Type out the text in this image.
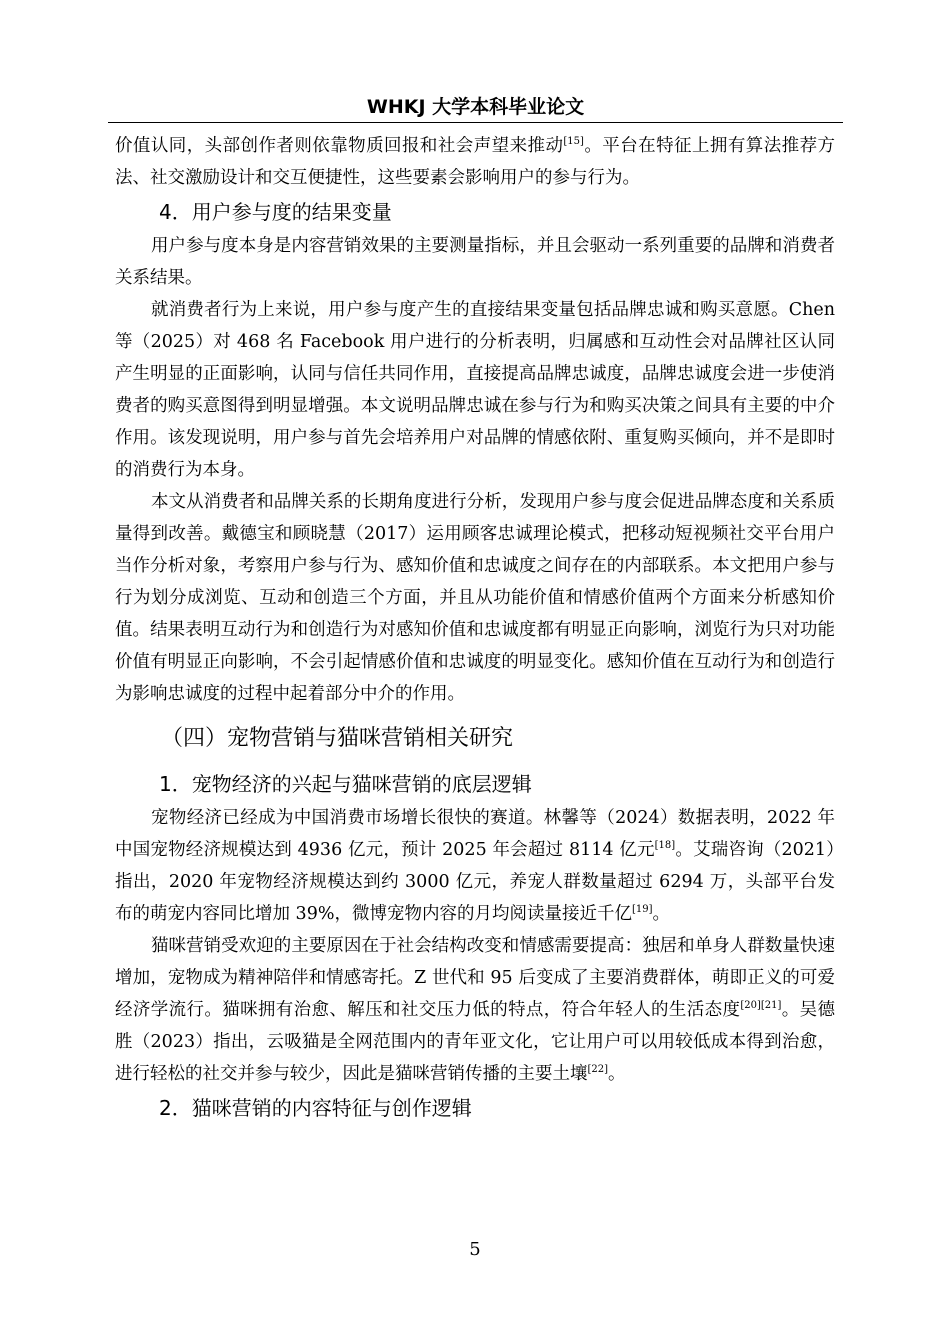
WHKJ 大学本科毕业论文

价值认同，头部创作者则依靠物质回报和社会声望来推动[15]。平台在特征上拥有算法推荐方法、社交激励设计和交互便捷性，这些要素会影响用户的参与行为。

4．用户参与度的结果变量

用户参与度本身是内容营销效果的主要测量指标，并且会驱动一系列重要的品牌和消费者关系结果。

就消费者行为上来说，用户参与度产生的直接结果变量包括品牌忠诚和购买意愿。Chen 等（2025）对 468 名 Facebook 用户进行的分析表明，归属感和互动性会对品牌社区认同产生明显的正面影响，认同与信任共同作用，直接提高品牌忠诚度，品牌忠诚度会进一步使消费者的购买意图得到明显增强。本文说明品牌忠诚在参与行为和购买决策之间具有主要的中介作用。该发现说明，用户参与首先会培养用户对品牌的情感依附、重复购买倾向，并不是即时的消费行为本身。

本文从消费者和品牌关系的长期角度进行分析，发现用户参与度会促进品牌态度和关系质量得到改善。戴德宝和顾晓慧（2017）运用顾客忠诚理论模式，把移动短视频社交平台用户当作分析对象，考察用户参与行为、感知价值和忠诚度之间存在的内部联系。本文把用户参与行为划分成浏览、互动和创造三个方面，并且从功能价值和情感价值两个方面来分析感知价值。结果表明互动行为和创造行为对感知价值和忠诚度都有明显正向影响，浏览行为只对功能价值有明显正向影响，不会引起情感价值和忠诚度的明显变化。感知价值在互动行为和创造行为影响忠诚度的过程中起着部分中介的作用。

（四）宠物营销与猫咪营销相关研究
1．宠物经济的兴起与猫咪营销的底层逻辑

宠物经济已经成为中国消费市场增长很快的赛道。林馨等（2024）数据表明，2022 年中国宠物经济规模达到 4936 亿元，预计 2025 年会超过 8114 亿元[18]。艾瑞咨询（2021）指出，2020 年宠物经济规模达到约 3000 亿元，养宠人群数量超过 6294 万，头部平台发布的萌宠内容同比增加 39%，微博宠物内容的月均阅读量接近千亿[19]。

猫咪营销受欢迎的主要原因在于社会结构改变和情感需要提高：独居和单身人群数量快速增加，宠物成为精神陪伴和情感寄托。Z 世代和 95 后变成了主要消费群体，萌即正义的可爱经济学流行。猫咪拥有治愈、解压和社交压力低的特点，符合年轻人的生活态度[20][21]。吴德胜（2023）指出，云吸猫是全网范围内的青年亚文化，它让用户可以用较低成本得到治愈，进行轻松的社交并参与较少，因此是猫咪营销传播的主要土壤[22]。

2．猫咪营销的内容特征与创作逻辑
5
